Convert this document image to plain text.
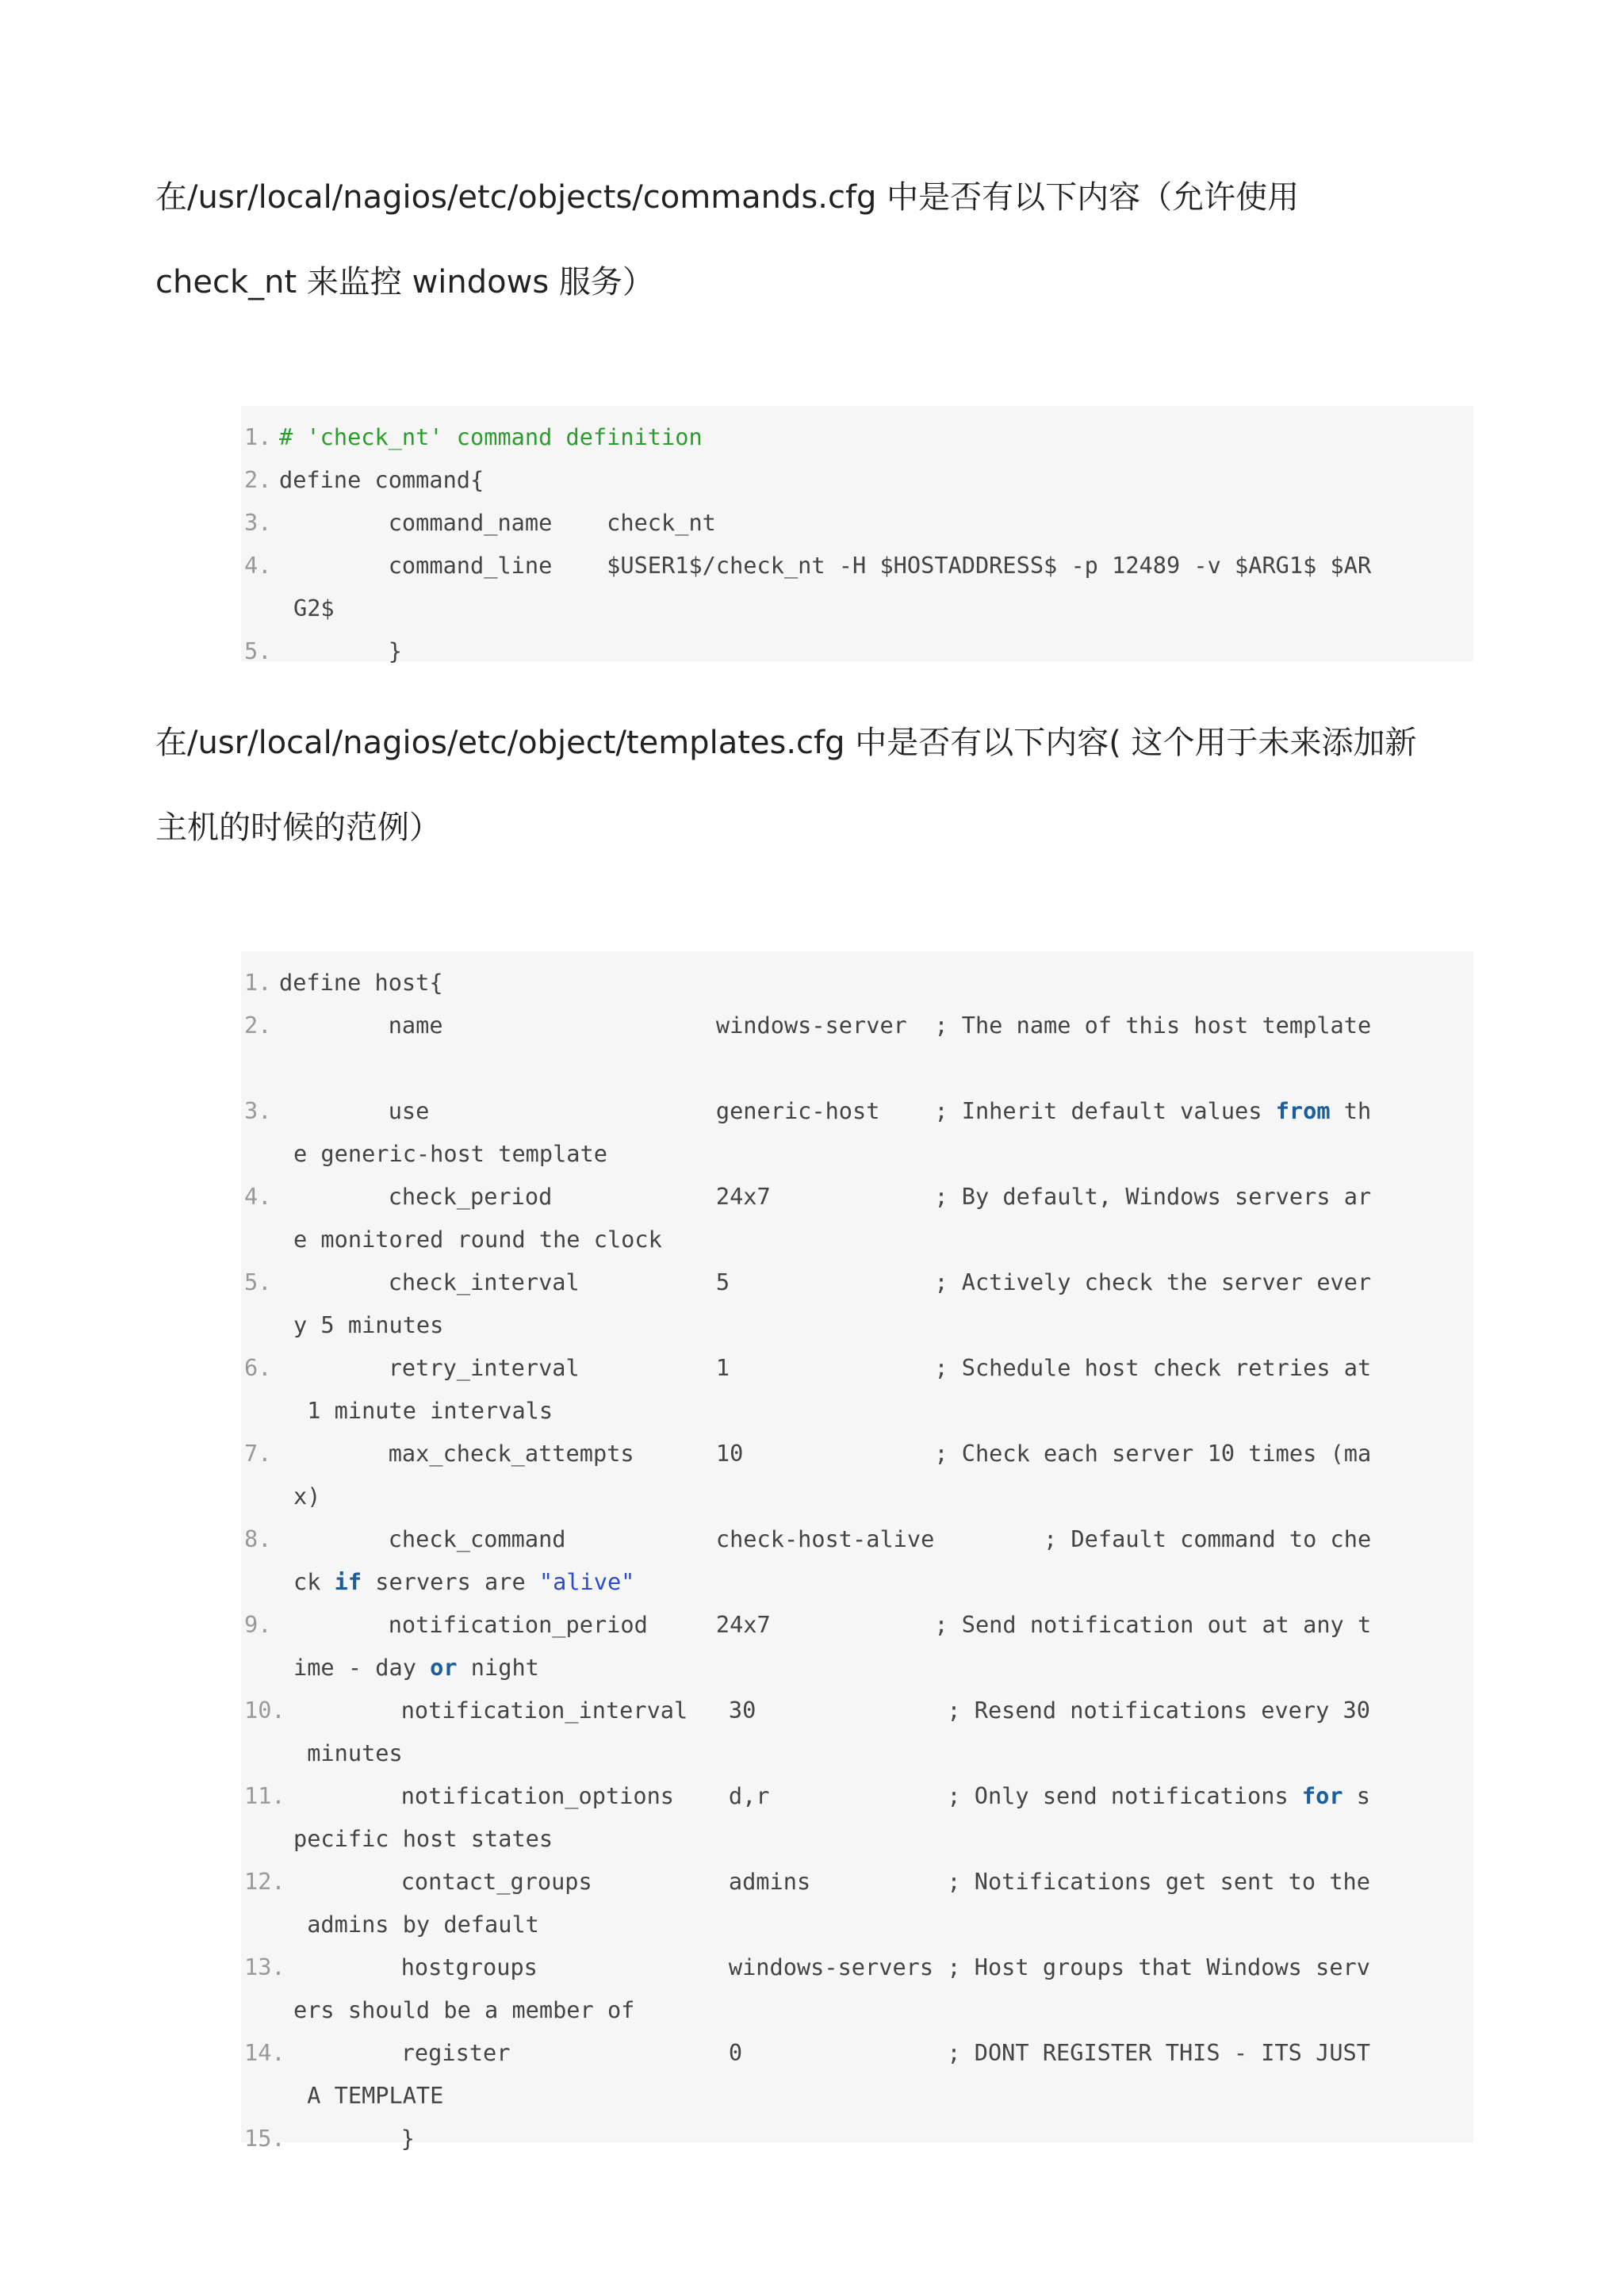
在/usr/local/nagios/etc/objects/commands.cfg 中是否有以下内容（允许使用
check_nt 来监控 windows 服务）

1.

# 'check_nt' command definition

2.

define command{

3.

command_name    check_nt

4.

command_line    $USER1$/check_nt -H $HOSTADDRESS$ -p 12489 -v $ARG1$ $AR

G2$

5.

}

在/usr/local/nagios/etc/object/templates.cfg 中是否有以下内容( 这个用于未来添加新
主机的时候的范例）

1.

define host{

2.

name                    windows-server  ; The name of this host template

3.

use                     generic-host    ; Inherit default values from th

e generic-host template

4.

check_period            24x7            ; By default, Windows servers ar

e monitored round the clock

5.

check_interval          5               ; Actively check the server ever

y 5 minutes

6.

retry_interval          1               ; Schedule host check retries at

1 minute intervals

7.

max_check_attempts      10              ; Check each server 10 times (ma

x)

8.

check_command           check-host-alive        ; Default command to che

ck if servers are "alive"

9.

notification_period     24x7            ; Send notification out at any t

ime - day or night

10.

notification_interval   30              ; Resend notifications every 30

minutes

11.

notification_options    d,r             ; Only send notifications for s

pecific host states

12.

contact_groups          admins          ; Notifications get sent to the

admins by default

13.

hostgroups              windows-servers ; Host groups that Windows serv

ers should be a member of

14.

register                0               ; DONT REGISTER THIS - ITS JUST

A TEMPLATE

15.

}
